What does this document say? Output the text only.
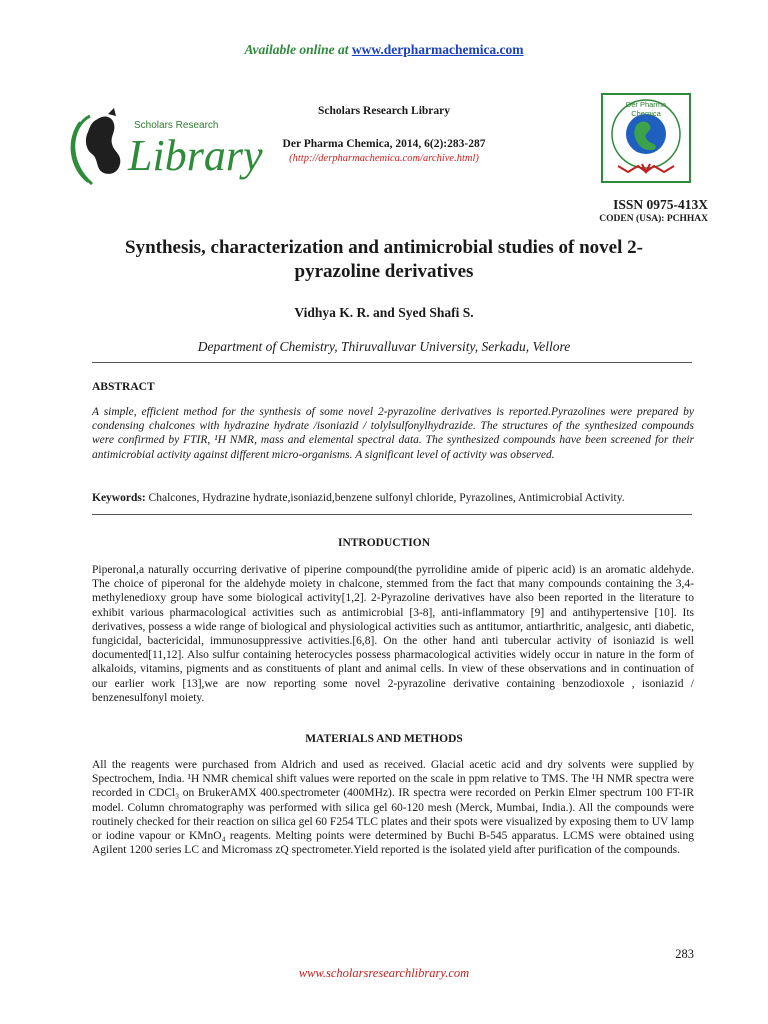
Available online at www.derpharmachemica.com
Scholars Research
Library
Der Pharma Chemica
Scholars Research Library
Der Pharma Chemica, 2014, 6(2):283-287
(http://derpharmachemica.com/archive.html)
ISSN 0975-413X
CODEN (USA): PCHHAX
Synthesis, characterization and antimicrobial studies of novel 2-
pyrazoline derivatives
Vidhya K. R. and Syed Shafi S.
Department of Chemistry, Thiruvalluvar University, Serkadu, Vellore
ABSTRACT
A simple, efficient method for the synthesis of some novel 2-pyrazoline derivatives is reported.Pyrazolines were prepared by condensing chalcones with hydrazine hydrate /isoniazid / tolylsulfonylhydrazide. The structures of the synthesized compounds were confirmed by FTIR, ¹H NMR, mass and elemental spectral data. The synthesized compounds have been screened for their antimicrobial activity against different micro-organisms. A significant level of activity was observed.
Keywords: Chalcones, Hydrazine hydrate,isoniazid,benzene sulfonyl chloride, Pyrazolines, Antimicrobial Activity.
INTRODUCTION
Piperonal,a naturally occurring derivative of piperine compound(the pyrrolidine amide of piperic acid) is an aromatic aldehyde. The choice of piperonal for the aldehyde moiety in chalcone, stemmed from the fact that many compounds containing the 3,4-methylenedioxy group have some biological activity[1,2]. 2-Pyrazoline derivatives have also been reported in the literature to exhibit various pharmacological activities such as antimicrobial [3-8], anti-inflammatory [9] and antihypertensive [10]. Its derivatives, possess a wide range of biological and physiological activities such as antitumor, antiarthritic, analgesic, anti diabetic, fungicidal, bactericidal, immunosuppressive activities.[6,8]. On the other hand anti tubercular activity of isoniazid is well documented[11,12]. Also sulfur containing heterocycles possess pharmacological activities widely occur in nature in the form of alkaloids, vitamins, pigments and as constituents of plant and animal cells. In view of these observations and in continuation of our earlier work [13],we are now reporting some novel 2-pyrazoline derivative containing benzodioxole , isoniazid / benzenesulfonyl moiety.
MATERIALS AND METHODS
All the reagents were purchased from Aldrich and used as received. Glacial acetic acid and dry solvents were supplied by Spectrochem, India. ¹H NMR chemical shift values were reported on the scale in ppm relative to TMS. The ¹H NMR spectra were recorded in CDCl₃ on BrukerAMX 400.spectrometer (400MHz). IR spectra were recorded on Perkin Elmer spectrum 100 FT-IR model. Column chromatography was performed with silica gel 60-120 mesh (Merck, Mumbai, India.). All the compounds were routinely checked for their reaction on silica gel 60 F254 TLC plates and their spots were visualized by exposing them to UV lamp or iodine vapour or KMnO₄ reagents. Melting points were determined by Buchi B-545 apparatus. LCMS were obtained using Agilent 1200 series LC and Micromass zQ spectrometer.Yield reported is the isolated yield after purification of the compounds.
283
www.scholarsresearchlibrary.com
